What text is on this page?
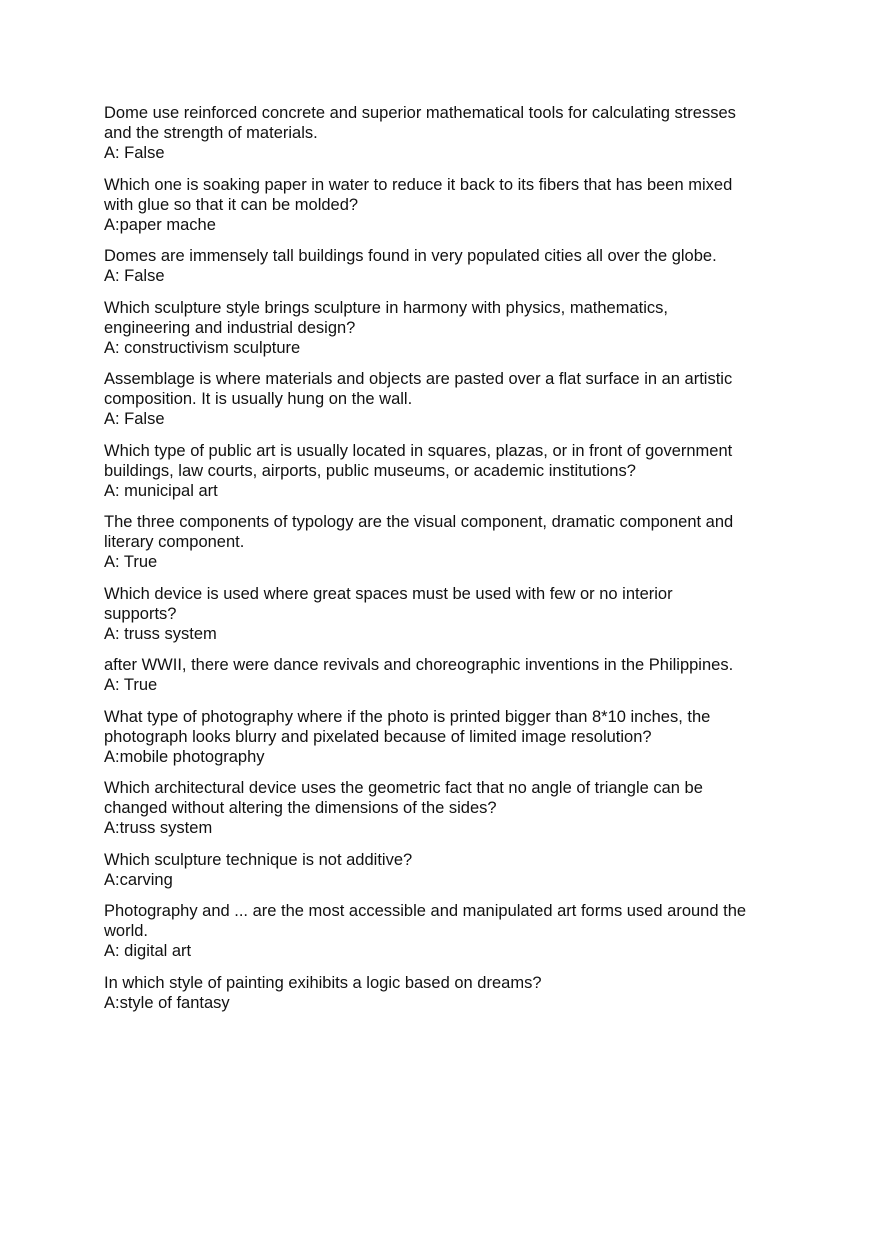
Dome use reinforced concrete and superior mathematical tools for calculating stresses
and the strength of materials.
A: False
Which one is soaking paper in water to reduce it back to its fibers that has been mixed
with glue so that it can be molded?
A:paper mache
Domes are immensely tall buildings found in very populated cities all over the globe.
A: False
Which sculpture style brings sculpture in harmony with physics, mathematics,
engineering and industrial design?
A: constructivism sculpture
Assemblage is where materials and objects are pasted over a flat surface in an artistic
composition. It is usually hung on the wall.
A: False
Which type of public art is usually located in squares, plazas, or in front of government
buildings, law courts, airports, public museums, or academic institutions?
A: municipal art
The three components of typology are the visual component, dramatic component and
literary component.
A: True
Which device is used where great spaces must be used with few or no interior
supports?
A: truss system
after WWII, there were dance revivals and choreographic inventions in the Philippines.
A: True
What type of photography where if the photo is printed bigger than 8*10 inches, the
photograph looks blurry and pixelated because of limited image resolution?
A:mobile photography
Which architectural device uses the geometric fact that no angle of triangle can be
changed without altering the dimensions of the sides?
A:truss system
Which sculpture technique is not additive?
A:carving
Photography and ... are the most accessible and manipulated art forms used around the
world.
A: digital art
In which style of painting exihibits a logic based on dreams?
A:style of fantasy
